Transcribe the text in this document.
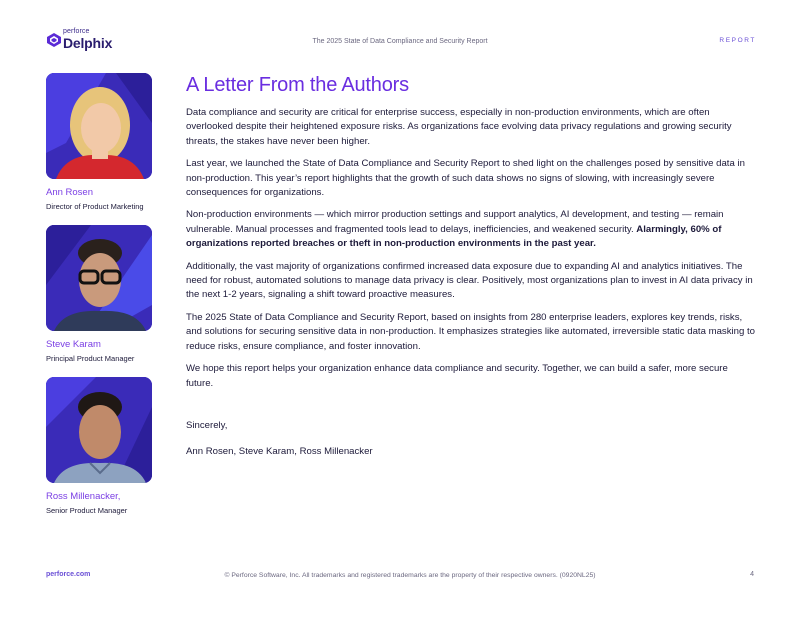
perforce
Delphix	The 2025 State of Data Compliance and Security Report	REPORT
Ann Rosen
Director of Product Marketing
Steve Karam
Principal Product Manager
Ross Millenacker,
Senior Product Manager
A Letter From the Authors

Data compliance and security are critical for enterprise success, especially in non-production environments, which are often overlooked despite their heightened exposure risks. As organizations face evolving data privacy regulations and growing security threats, the stakes have never been higher.

Last year, we launched the State of Data Compliance and Security Report to shed light on the challenges posed by sensitive data in non-production. This year’s report highlights that the growth of such data shows no signs of slowing, with increasingly severe consequences for organizations.

Non-production environments — which mirror production settings and support analytics, AI development, and testing — remain vulnerable. Manual processes and fragmented tools lead to delays, inefficiencies, and weakened security. Alarmingly, 60% of organizations reported breaches or theft in non-production environments in the past year.

Additionally, the vast majority of organizations confirmed increased data exposure due to expanding AI and analytics initiatives. The need for robust, automated solutions to manage data privacy is clear. Positively, most organizations plan to invest in AI data privacy in the next 1-2 years, signaling a shift toward proactive measures.

The 2025 State of Data Compliance and Security Report, based on insights from 280 enterprise leaders, explores key trends, risks, and solutions for securing sensitive data in non-production. It emphasizes strategies like automated, irreversible static data masking to reduce risks, ensure compliance, and foster innovation.

We hope this report helps your organization enhance data compliance and security. Together, we can build a safer, more secure future.

Sincerely,

Ann Rosen, Steve Karam, Ross Millenacker

perforce.com	© Perforce Software, Inc. All trademarks and registered trademarks are the property of their respective owners. (0920NL25)	4
